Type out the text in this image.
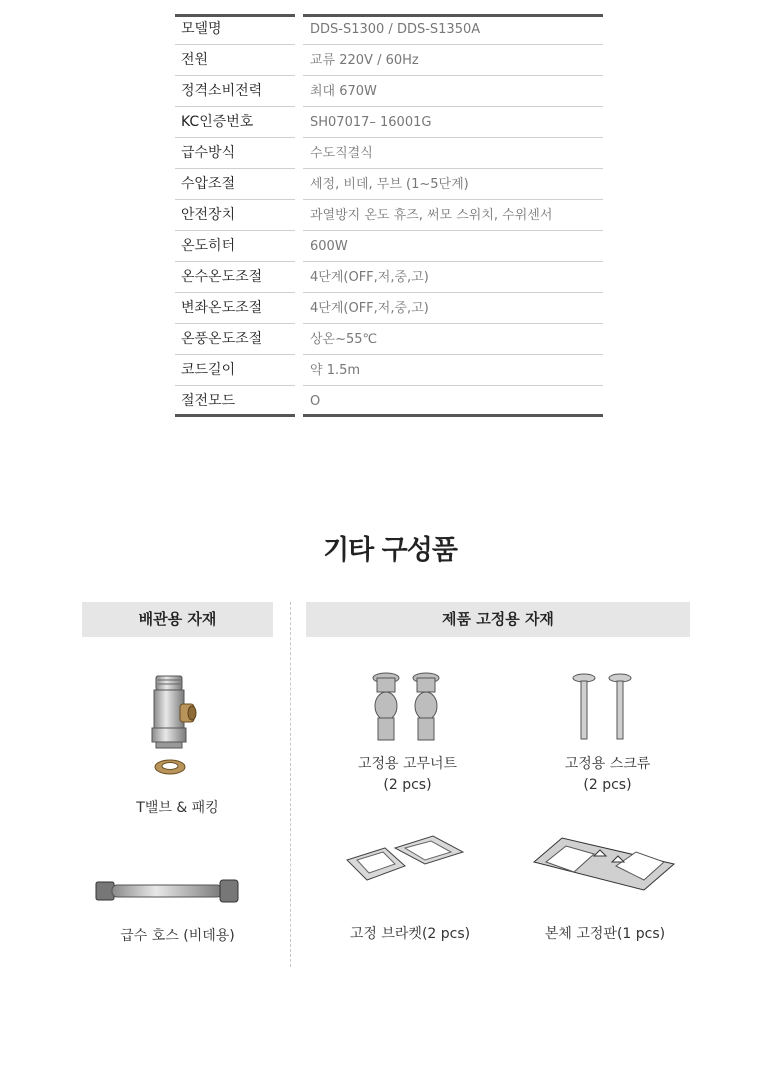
모델명	DDS-S1300 / DDS-S1350A
전원	교류 220V / 60Hz
정격소비전력	최대 670W
KC인증번호	SH07017– 16001G
급수방식	수도직결식
수압조절	세정, 비데, 무브 (1~5단계)
안전장치	과열방지 온도 휴즈, 써모 스위치, 수위센서
온도히터	600W
온수온도조절	4단계(OFF,저,중,고)
변좌온도조절	4단계(OFF,저,중,고)
온풍온도조절	상온~55℃
코드길이	약 1.5m
절전모드	O
기타 구성품
배관용 자재	제품 고정용 자재
T밸브 & 패킹
급수 호스 (비데용)
고정용 고무너트
(2 pcs)
고정용 스크류
(2 pcs)
고정 브라켓(2 pcs)	본체 고정판(1 pcs)
